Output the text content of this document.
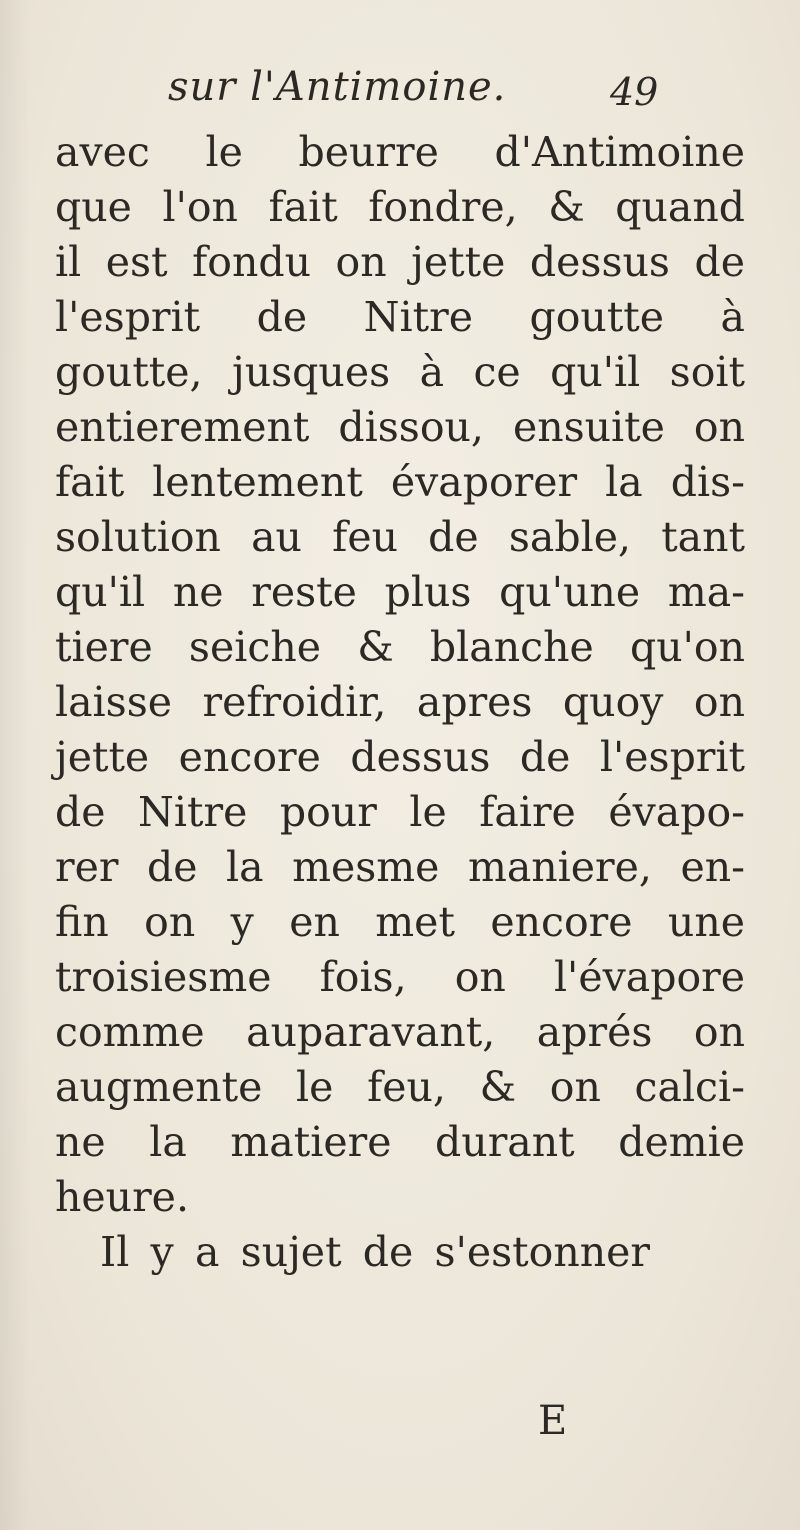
sur l'Antimoine.	49
avec le beurre d'Antimoine
que l'on fait fondre, & quand
il est fondu on jette dessus de
l'esprit de Nitre goutte à
goutte, jusques à ce qu'il soit
entierement dissou, ensuite on
fait lentement évaporer la dis-
solution au feu de sable, tant
qu'il ne reste plus qu'une ma-
tiere seiche & blanche qu'on
laisse refroidir, apres quoy on
jette encore dessus de l'esprit
de Nitre pour le faire évapo-
rer de la mesme maniere, en-
fin on y en met encore une
troisiesme fois, on l'évapore
comme auparavant, aprés on
augmente le feu, & on calci-
ne la matiere durant demie
heure.
Il y a sujet de s'estonner
E
